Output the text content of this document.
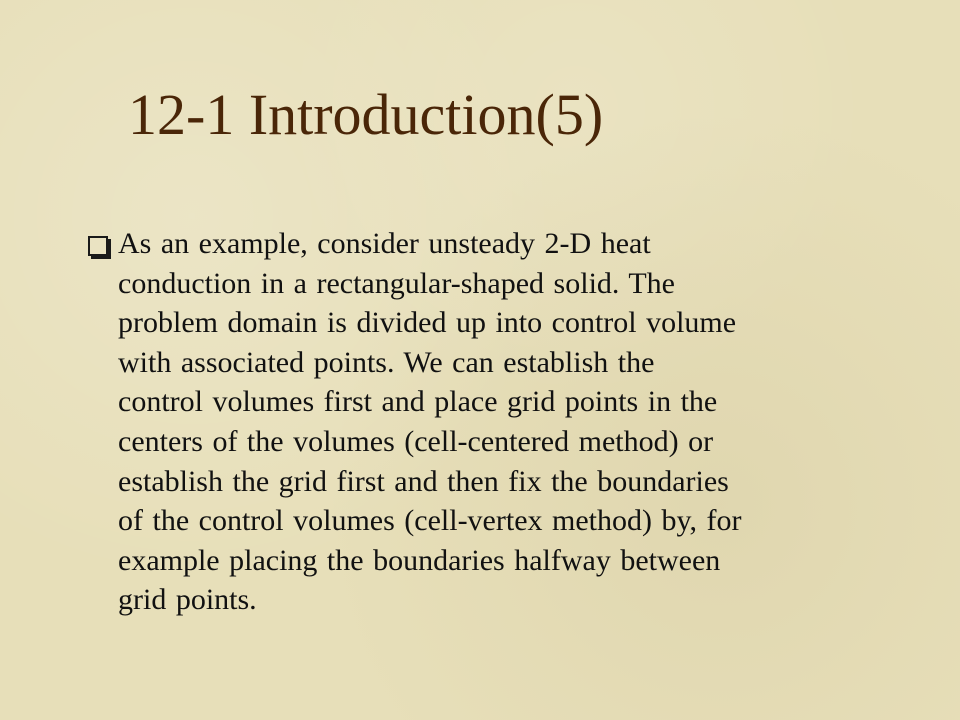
12-1 Introduction(5)

As an example, consider unsteady 2-D heat
conduction in a rectangular-shaped solid. The
problem domain is divided up into control volume
with associated points. We can establish the
control volumes first and place grid points in the
centers of the volumes (cell-centered method) or
establish the grid first and then fix the boundaries
of the control volumes (cell-vertex method) by, for
example placing the boundaries halfway between
grid points.
